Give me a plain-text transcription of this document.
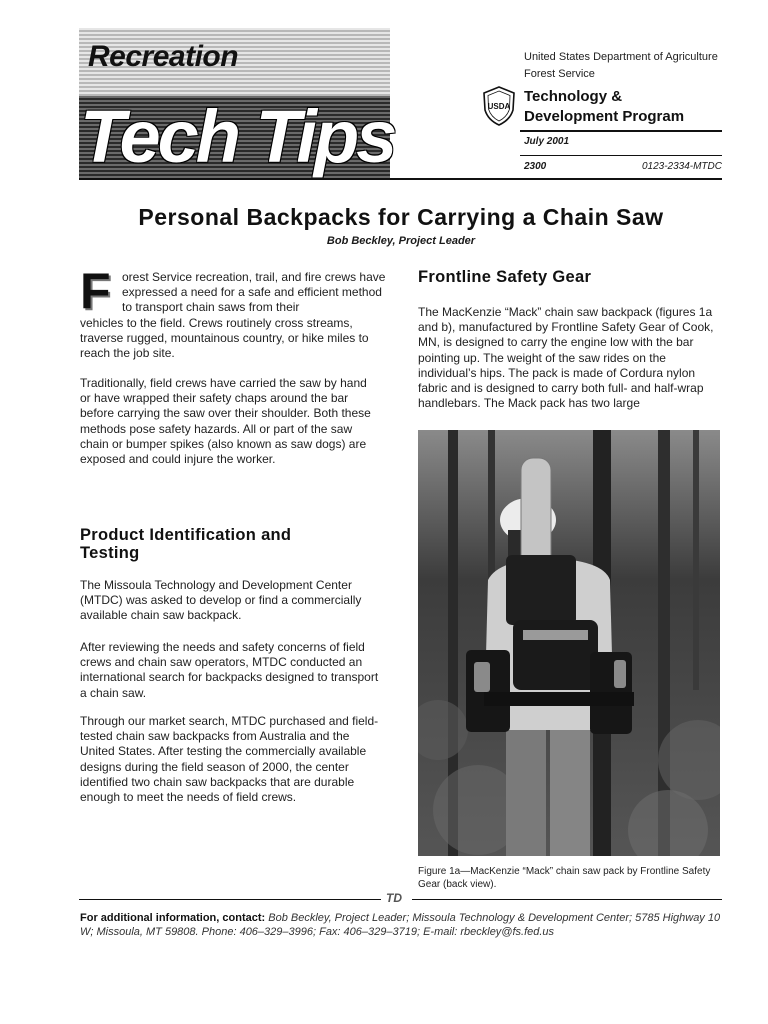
Recreation
Tech Tips
United States Department of Agriculture
Forest Service
USDA
Technology &
Development Program
July 2001
2300	0123-2334-MTDC
Personal Backpacks for Carrying a Chain Saw
Bob Beckley, Project Leader
F orest Service recreation, trail, and fire crews have expressed a need for a safe and efficient method to transport chain saws from their
vehicles to the field. Crews routinely cross streams, traverse rugged, mountainous country, or hike miles to reach the job site.
Traditionally, field crews have carried the saw by hand or have wrapped their safety chaps around the bar before carrying the saw over their shoulder. Both these methods pose safety hazards. All or part of the saw chain or bumper spikes (also known as saw dogs) are exposed and could injure the worker.
Product Identification and Testing
The Missoula Technology and Development Center (MTDC) was asked to develop or find a commercially available chain saw backpack.
After reviewing the needs and safety concerns of field crews and chain saw operators, MTDC conducted an international search for backpacks designed to transport a chain saw.
Through our market search, MTDC purchased and field-tested chain saw backpacks from Australia and the United States. After testing the commercially available designs during the field season of 2000, the center identified two chain saw backpacks that are durable enough to meet the needs of field crews.
Frontline Safety Gear
The MacKenzie “Mack” chain saw backpack (figures 1a and b), manufactured by Frontline Safety Gear of Cook, MN, is designed to carry the engine low with the bar pointing up. The weight of the saw rides on the individual’s hips. The pack is made of Cordura nylon fabric and is designed to carry both full- and half-wrap handlebars. The Mack pack has two large
Figure 1a—MacKenzie “Mack” chain saw pack by Frontline Safety Gear (back view).
TD
For additional information, contact: Bob Beckley, Project Leader; Missoula Technology & Development Center; 5785 Highway 10 W; Missoula, MT 59808. Phone: 406–329–3996; Fax: 406–329–3719; E-mail: rbeckley@fs.fed.us
